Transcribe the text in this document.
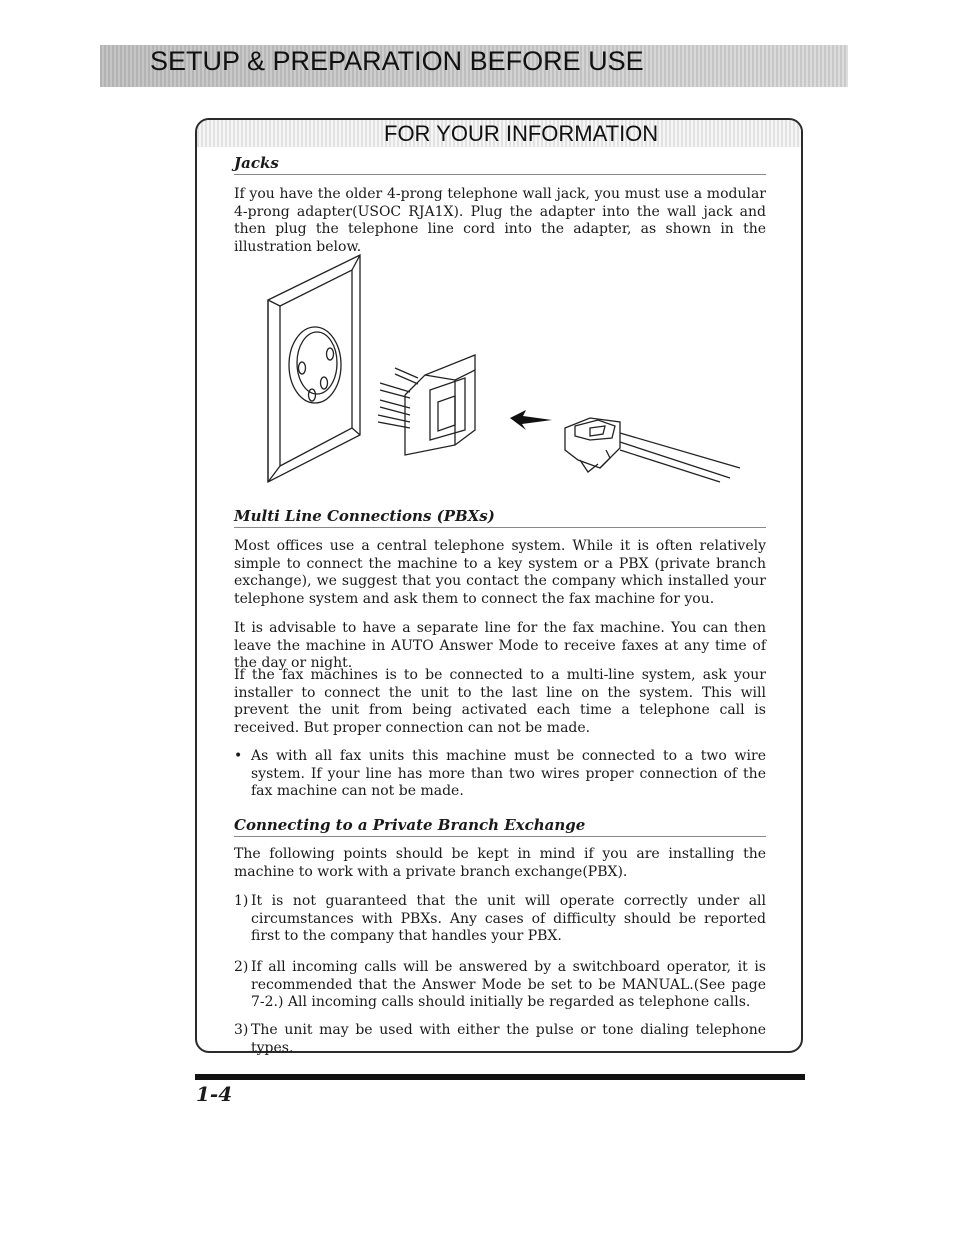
SETUP & PREPARATION BEFORE USE
FOR YOUR INFORMATION
Jacks
If you have the older 4-prong telephone wall jack, you must use a modular 4-prong adapter(USOC RJA1X). Plug the adapter into the wall jack and then plug the telephone line cord into the adapter, as shown in the illustration below.
Multi Line Connections (PBXs)
Most offices use a central telephone system. While it is often relatively simple to connect the machine to a key system or a PBX (private branch exchange), we suggest that you contact the company which installed your telephone system and ask them to connect the fax machine for you.
It is advisable to have a separate line for the fax machine. You can then leave the machine in AUTO Answer Mode to receive faxes at any time of the day or night.
If the fax machines is to be connected to a multi-line system, ask your installer to connect the unit to the last line on the system. This will prevent the unit from being activated each time a telephone call is received. But proper connection can not be made.
• As with all fax units this machine must be connected to a two wire system. If your line has more than two wires proper connection of the fax machine can not be made.
Connecting to a Private Branch Exchange
The following points should be kept in mind if you are installing the machine to work with a private branch exchange(PBX).
1) It is not guaranteed that the unit will operate correctly under all circumstances with PBXs. Any cases of difficulty should be reported first to the company that handles your PBX.
2) If all incoming calls will be answered by a switchboard operator, it is recommended that the Answer Mode be set to be MANUAL.(See page 7-2.) All incoming calls should initially be regarded as telephone calls.
3) The unit may be used with either the pulse or tone dialing telephone types.
1-4
